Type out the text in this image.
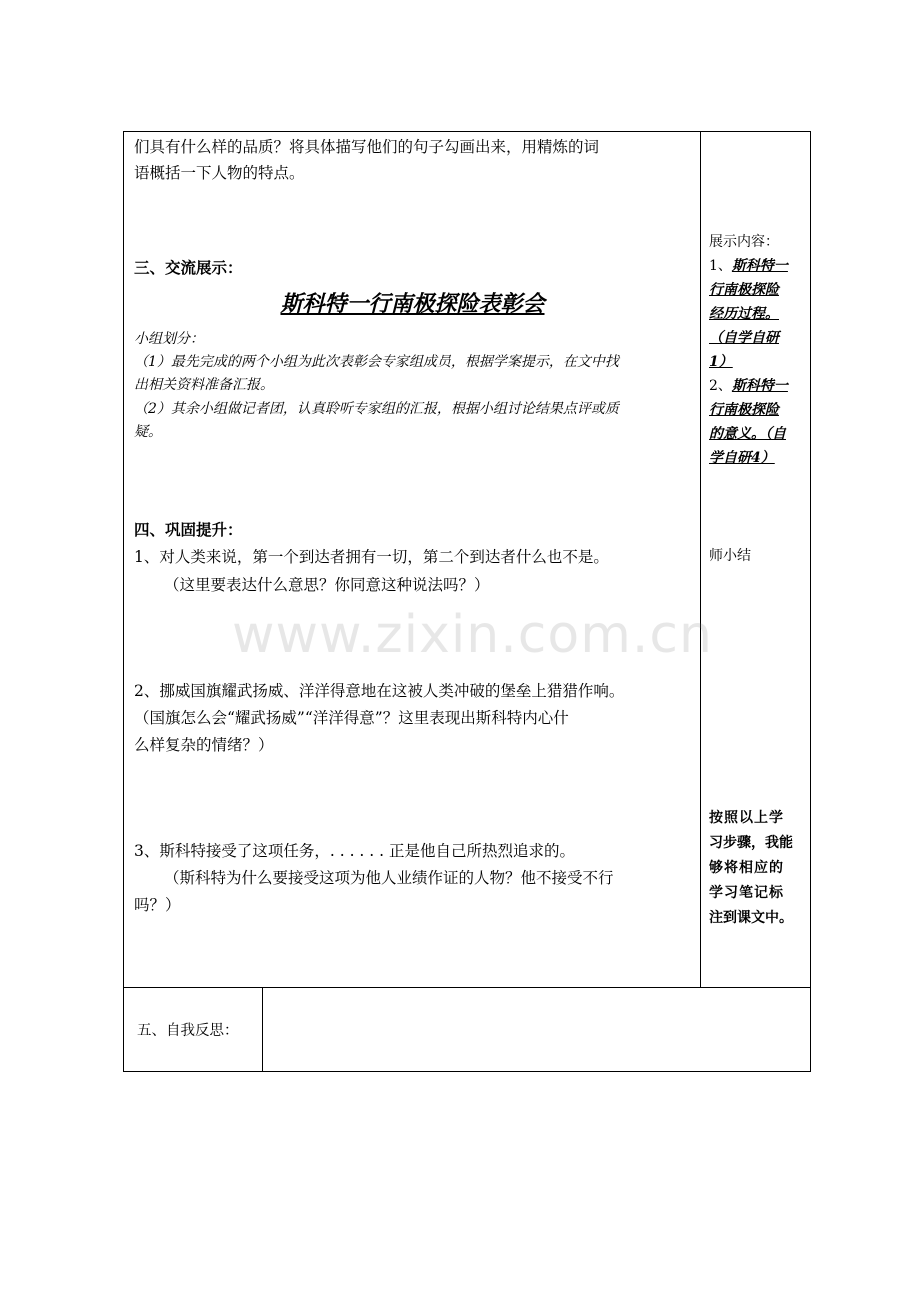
们具有什么样的品质？将具体描写他们的句子勾画出来，用精炼的词
语概括一下人物的特点。
三、交流展示：
斯科特一行南极探险表彰会
小组划分：
（1）最先完成的两个小组为此次表彰会专家组成员，根据学案提示，在文中找
出相关资料准备汇报。
（2）其余小组做记者团，认真聆听专家组的汇报，根据小组讨论结果点评或质
疑。
四、巩固提升：
1、对人类来说，第一个到达者拥有一切，第二个到达者什么也不是。
（这里要表达什么意思？你同意这种说法吗？）
2、挪威国旗耀武扬威、洋洋得意地在这被人类冲破的堡垒上猎猎作响。
（国旗怎么会“耀武扬威”“洋洋得意”？这里表现出斯科特内心什
么样复杂的情绪？）
3、斯科特接受了这项任务，. . . . . . 正是他自己所热烈追求的。
（斯科特为什么要接受这项为他人业绩作证的人物？他不接受不行
吗？）
展示内容：
1、斯科特一
行南极探险
经历过程。
（自学自研
1）
2、斯科特一
行南极探险
的意义。（自
学自研4）
师小结
按照以上学
习步骤，我能
够将相应的
学习笔记标
注到课文中。
五、自我反思：
www.zixin.com.cn
